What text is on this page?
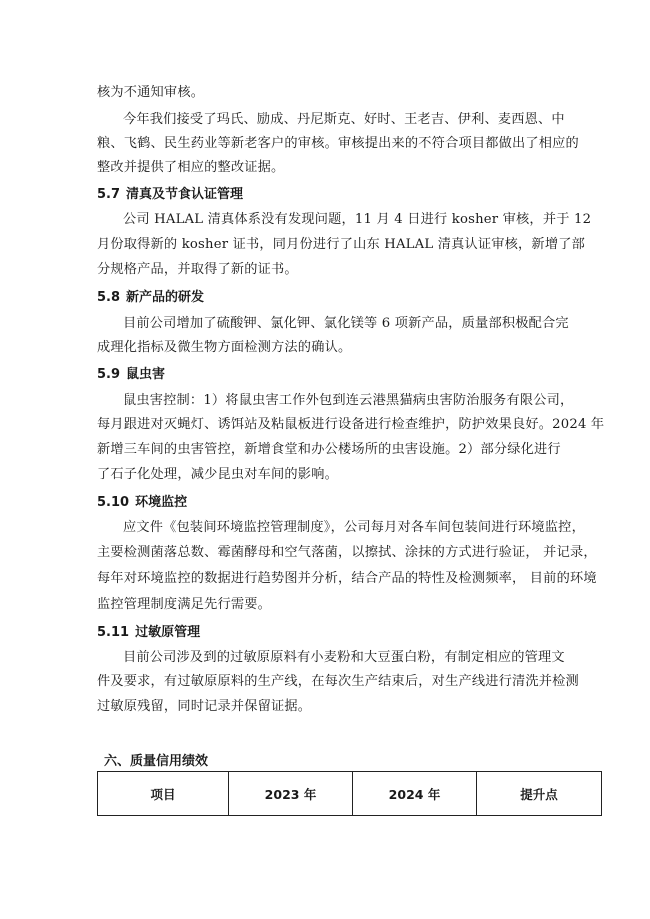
核为不通知审核。
今年我们接受了玛氏、励成、丹尼斯克、好时、王老吉、伊利、麦西恩、中
粮、飞鹤、民生药业等新老客户的审核。审核提出来的不符合项目都做出了相应的
整改并提供了相应的整改证据。
5.7 清真及节食认证管理
公司 HALAL 清真体系没有发现问题，11 月 4 日进行 kosher 审核，并于 12
月份取得新的 kosher 证书，同月份进行了山东 HALAL 清真认证审核，新增了部
分规格产品，并取得了新的证书。
5.8 新产品的研发
目前公司增加了硫酸钾、氯化钾、氯化镁等 6 项新产品，质量部积极配合完
成理化指标及微生物方面检测方法的确认。
5.9 鼠虫害
鼠虫害控制：1）将鼠虫害工作外包到连云港黑猫病虫害防治服务有限公司，
每月跟进对灭蝇灯、诱饵站及粘鼠板进行设备进行检查维护，防护效果良好。2024 年
新增三车间的虫害管控，新增食堂和办公楼场所的虫害设施。2）部分绿化进行
了石子化处理，减少昆虫对车间的影响。
5.10 环境监控
应文件《包装间环境监控管理制度》，公司每月对各车间包装间进行环境监控，
主要检测菌落总数、霉菌酵母和空气落菌，以擦拭、涂抹的方式进行验证， 并记录，
每年对环境监控的数据进行趋势图并分析，结合产品的特性及检测频率， 目前的环境
监控管理制度满足先行需要。
5.11 过敏原管理
目前公司涉及到的过敏原原料有小麦粉和大豆蛋白粉，有制定相应的管理文
件及要求，有过敏原原料的生产线，在每次生产结束后，对生产线进行清洗并检测
过敏原残留，同时记录并保留证据。
六、质量信用绩效
项目	2023 年	2024 年	提升点
